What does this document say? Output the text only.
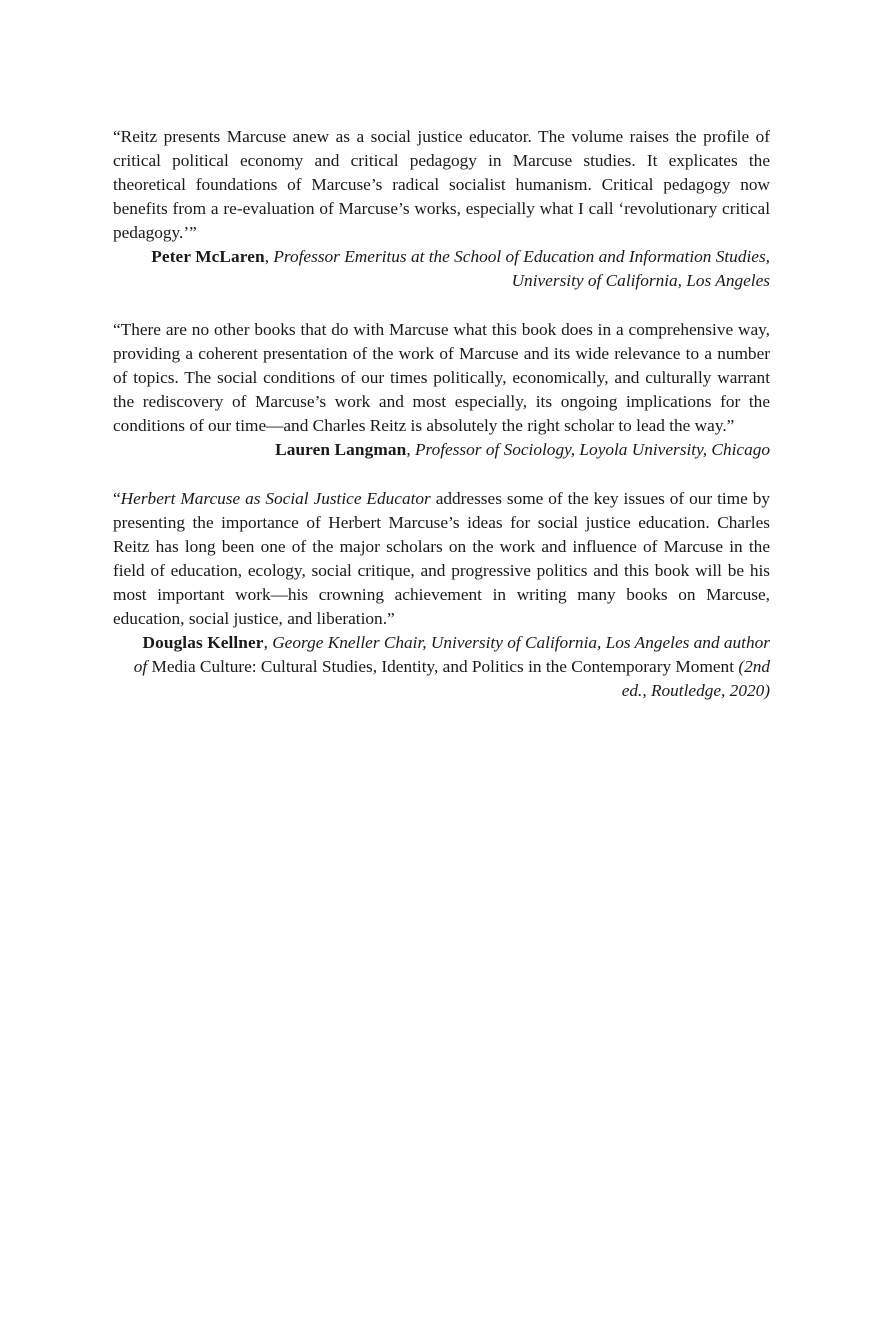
“Reitz presents Marcuse anew as a social justice educator. The volume raises the profile of critical political economy and critical pedagogy in Marcuse studies. It explicates the theoretical foundations of Marcuse’s radical socialist humanism. Critical pedagogy now benefits from a re-evaluation of Marcuse’s works, especially what I call ‘revolutionary critical pedagogy.’”

Peter McLaren, Professor Emeritus at the School of Education and Information Studies, University of California, Los Angeles

“There are no other books that do with Marcuse what this book does in a comprehensive way, providing a coherent presentation of the work of Marcuse and its wide relevance to a number of topics. The social conditions of our times politically, economically, and culturally warrant the rediscovery of Marcuse’s work and most especially, its ongoing implications for the conditions of our time—and Charles Reitz is absolutely the right scholar to lead the way.”

Lauren Langman, Professor of Sociology, Loyola University, Chicago

“Herbert Marcuse as Social Justice Educator addresses some of the key issues of our time by presenting the importance of Herbert Marcuse’s ideas for social justice education. Charles Reitz has long been one of the major scholars on the work and influence of Marcuse in the field of education, ecology, social critique, and progressive politics and this book will be his most important work—his crowning achievement in writing many books on Marcuse, education, social justice, and liberation.”

Douglas Kellner, George Kneller Chair, University of California, Los Angeles and author of Media Culture: Cultural Studies, Identity, and Politics in the Contemporary Moment (2nd ed., Routledge, 2020)
